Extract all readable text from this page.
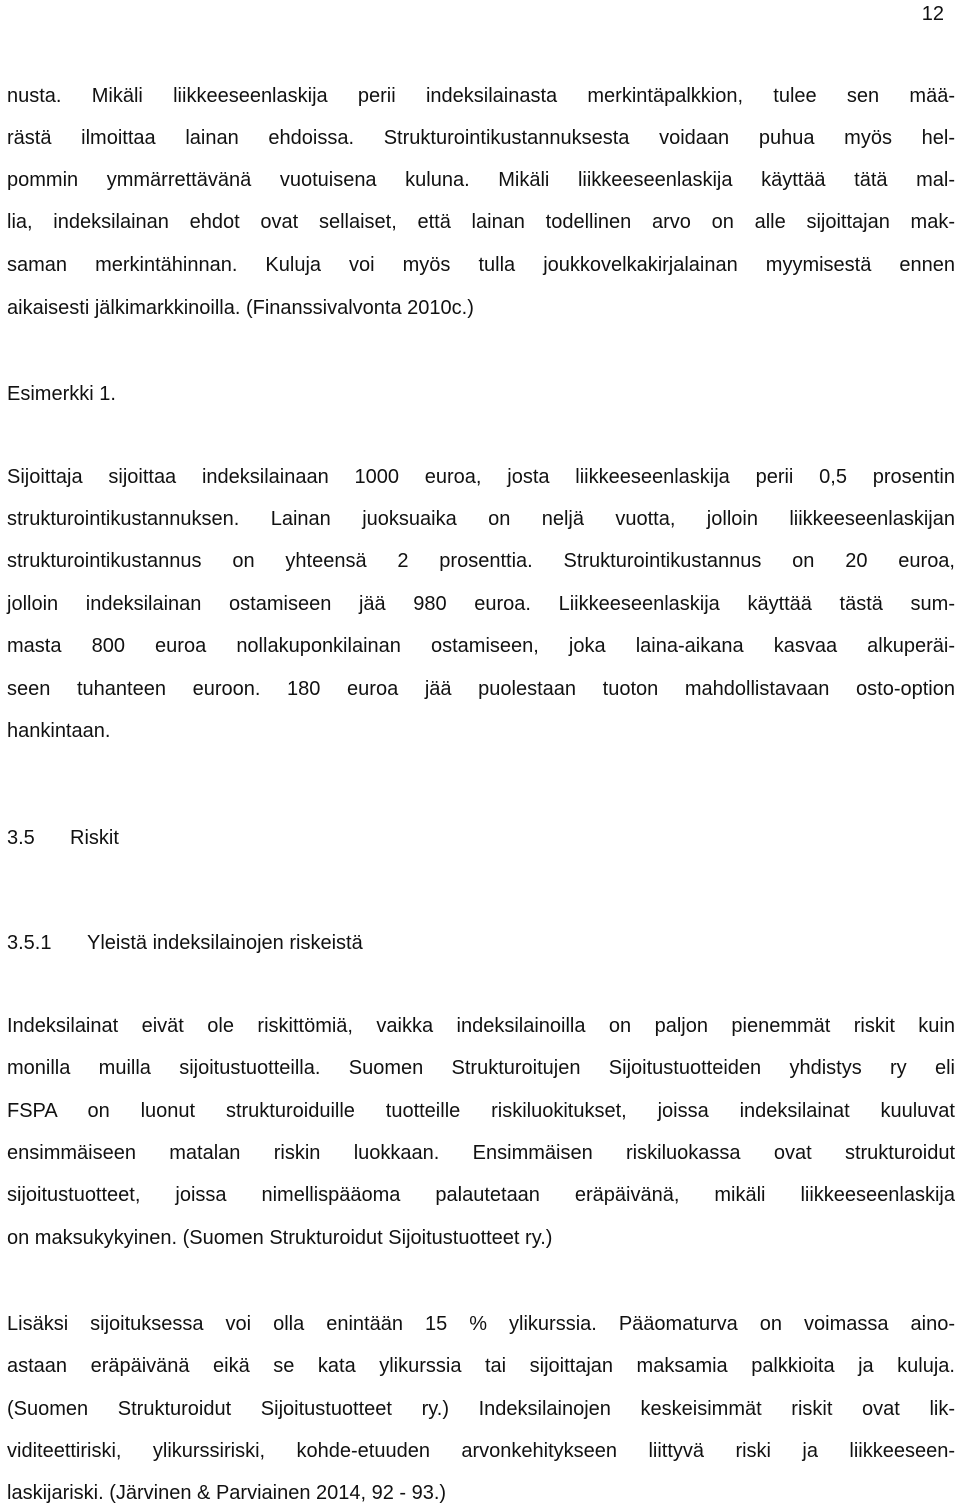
12
nusta. Mikäli liikkeeseenlaskija perii indeksilainasta merkintäpalkkion, tulee sen mää-
rästä ilmoittaa lainan ehdoissa. Strukturointikustannuksesta voidaan puhua myös hel-
pommin ymmärrettävänä vuotuisena kuluna. Mikäli liikkeeseenlaskija käyttää tätä mal-
lia, indeksilainan ehdot ovat sellaiset, että lainan todellinen arvo on alle sijoittajan mak-
saman merkintähinnan. Kuluja voi myös tulla joukkovelkakirjalainan myymisestä ennen
aikaisesti jälkimarkkinoilla. (Finanssivalvonta 2010c.)
Esimerkki 1.
Sijoittaja sijoittaa indeksilainaan 1000 euroa, josta liikkeeseenlaskija perii 0,5 prosentin
strukturointikustannuksen. Lainan juoksuaika on neljä vuotta, jolloin liikkeeseenlaskijan
strukturointikustannus on yhteensä 2 prosenttia. Strukturointikustannus on 20 euroa,
jolloin indeksilainan ostamiseen jää 980 euroa. Liikkeeseenlaskija käyttää tästä sum-
masta 800 euroa nollakuponkilainan ostamiseen, joka laina-aikana kasvaa alkuperäi-
seen tuhanteen euroon. 180 euroa jää puolestaan tuoton mahdollistavaan osto-option
hankintaan.
3.5 Riskit
3.5.1 Yleistä indeksilainojen riskeistä
Indeksilainat eivät ole riskittömiä, vaikka indeksilainoilla on paljon pienemmät riskit kuin
monilla muilla sijoitustuotteilla. Suomen Strukturoitujen Sijoitustuotteiden yhdistys ry eli
FSPA on luonut strukturoiduille tuotteille riskiluokitukset, joissa indeksilainat kuuluvat
ensimmäiseen matalan riskin luokkaan. Ensimmäisen riskiluokassa ovat strukturoidut
sijoitustuotteet, joissa nimellispääoma palautetaan eräpäivänä, mikäli liikkeeseenlaskija
on maksukykyinen. (Suomen Strukturoidut Sijoitustuotteet ry.)
Lisäksi sijoituksessa voi olla enintään 15 % ylikurssia. Pääomaturva on voimassa aino-
astaan eräpäivänä eikä se kata ylikurssia tai sijoittajan maksamia palkkioita ja kuluja.
(Suomen Strukturoidut Sijoitustuotteet ry.) Indeksilainojen keskeisimmät riskit ovat lik-
viditeettiriski, ylikurssiriski, kohde-etuuden arvonkehitykseen liittyvä riski ja liikkeeseen-
laskijariski. (Järvinen & Parviainen 2014, 92 - 93.)
